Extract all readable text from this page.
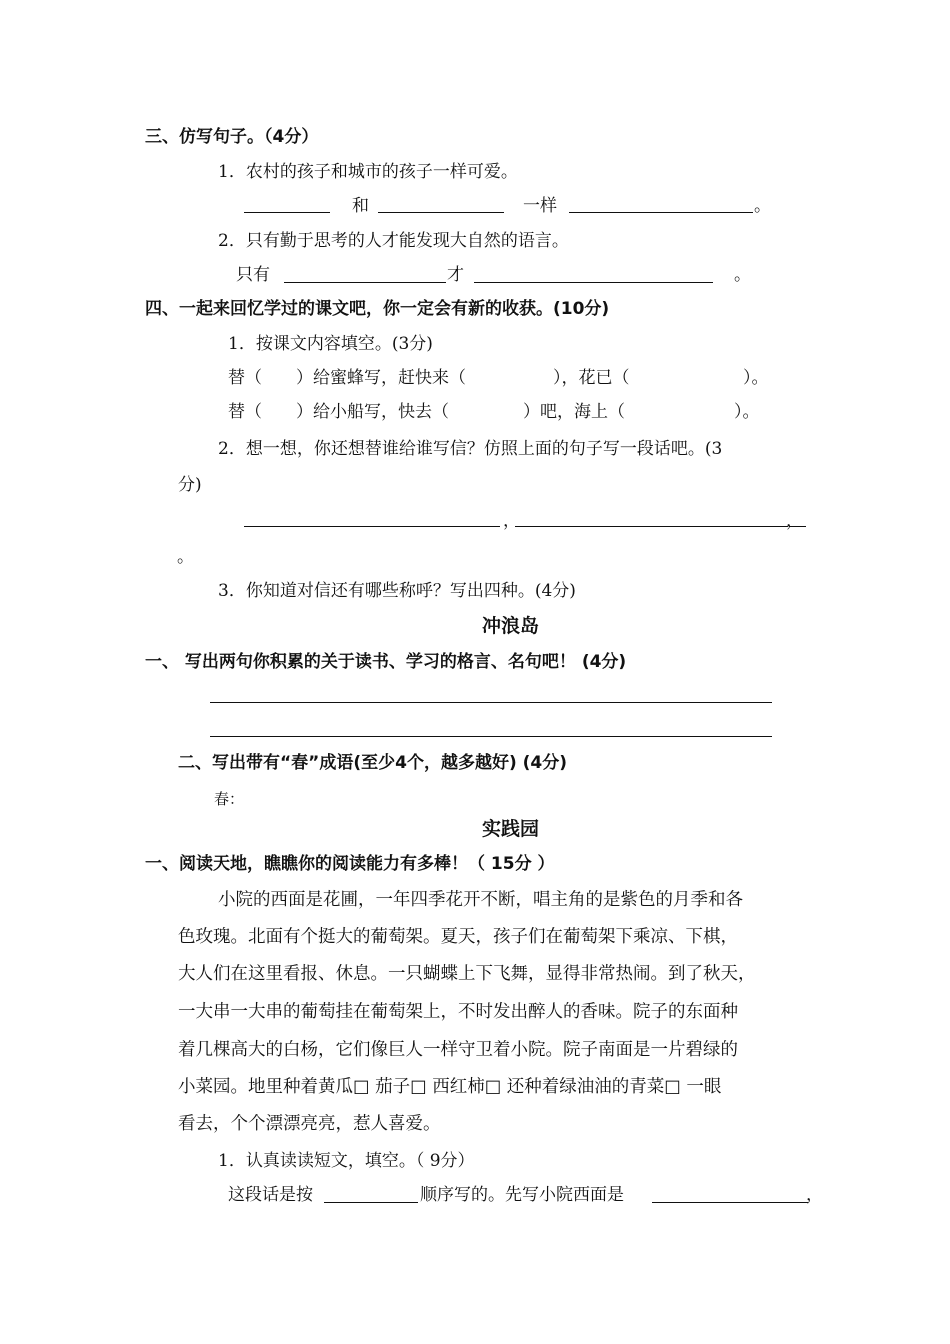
三、仿写句子。（4分）
1．农村的孩子和城市的孩子一样可爱。
和	一样	。
2．只有勤于思考的人才能发现大自然的语言。
只有	才	。
四、一起来回忆学过的课文吧，你一定会有新的收获。(10分)
1．按课文内容填空。(3分)
替（ ）给蜜蜂写，赶快来（	），花已（	）。
替（ ）给小船写，快去（	）吧，海上（	）。
2．想一想，你还想替谁给谁写信？仿照上面的句子写一段话吧。(3
分)
，	，
。
3．你知道对信还有哪些称呼？写出四种。(4分)
冲浪岛
一、 写出两句你积累的关于读书、学习的格言、名句吧！ (4分)
二、写出带有“春”成语(至少4个，越多越好) (4分)
春：
实践园
一、阅读天地，瞧瞧你的阅读能力有多棒！（ 15分 ）
小院的西面是花圃，一年四季花开不断，唱主角的是紫色的月季和各
色玫瑰。北面有个挺大的葡萄架。夏天，孩子们在葡萄架下乘凉、下棋，
大人们在这里看报、休息。一只蝴蝶上下飞舞，显得非常热闹。到了秋天，
一大串一大串的葡萄挂在葡萄架上，不时发出醉人的香味。院子的东面种
着几棵高大的白杨，它们像巨人一样守卫着小院。院子南面是一片碧绿的
小菜园。地里种着黄瓜□ 茄子□ 西红柿□ 还种着绿油油的青菜□ 一眼
看去，个个漂漂亮亮，惹人喜爱。
1．认真读读短文，填空。（ 9分）
这段话是按	顺序写的。先写小院西面是	，
